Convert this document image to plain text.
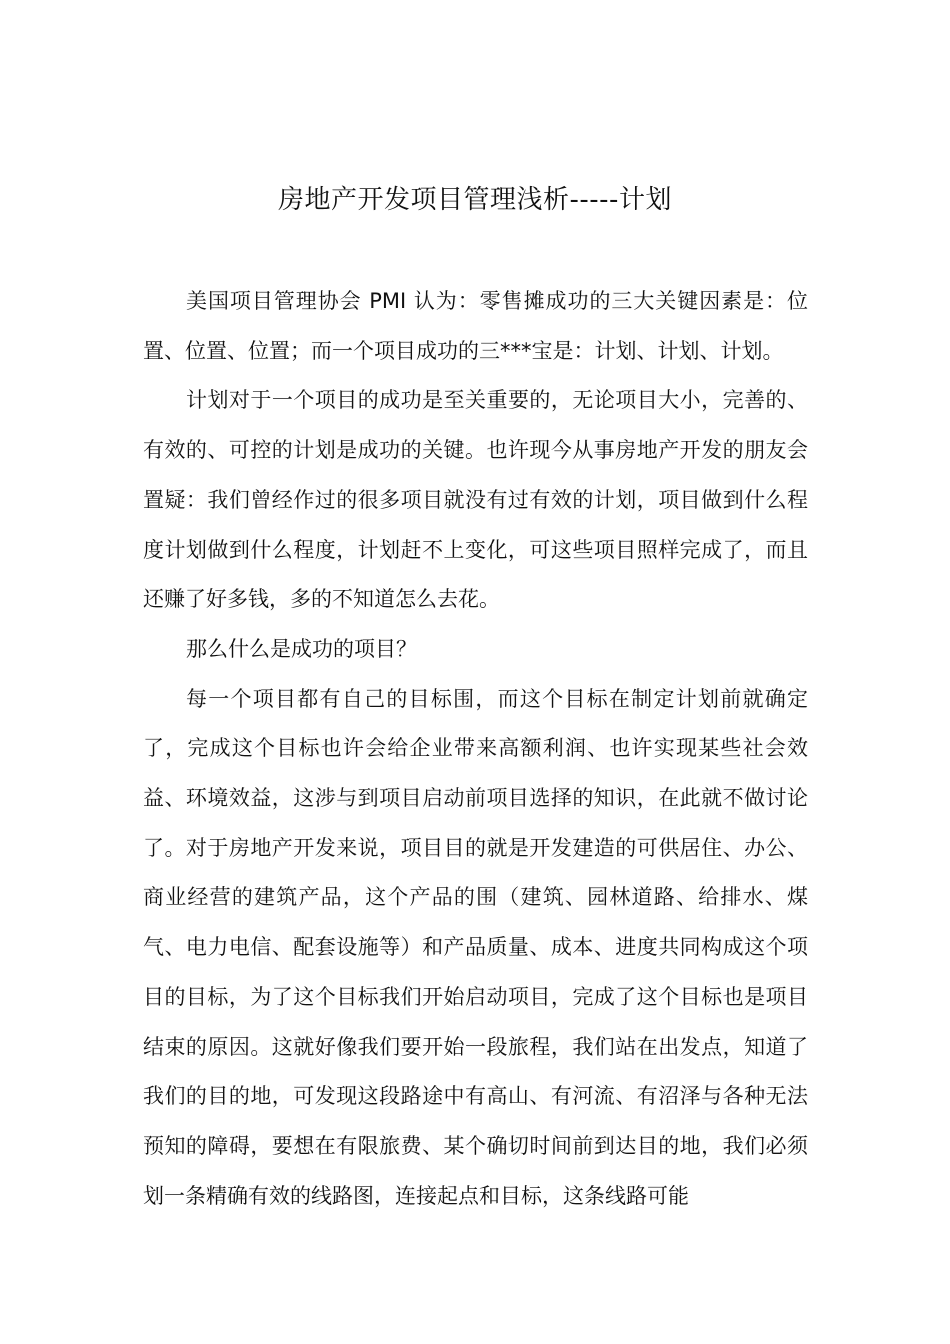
房地产开发项目管理浅析-----计划

美国项目管理协会 PMI 认为：零售摊成功的三大关键因素是：位置、位置、位置；而一个项目成功的三***宝是：计划、计划、计划。

计划对于一个项目的成功是至关重要的，无论项目大小，完善的、有效的、可控的计划是成功的关键。也许现今从事房地产开发的朋友会置疑：我们曾经作过的很多项目就没有过有效的计划，项目做到什么程度计划做到什么程度，计划赶不上变化，可这些项目照样完成了，而且还赚了好多钱，多的不知道怎么去花。

那么什么是成功的项目？

每一个项目都有自己的目标围，而这个目标在制定计划前就确定了，完成这个目标也许会给企业带来高额利润、也许实现某些社会效益、环境效益，这涉与到项目启动前项目选择的知识，在此就不做讨论了。对于房地产开发来说，项目目的就是开发建造的可供居住、办公、商业经营的建筑产品，这个产品的围（建筑、园林道路、给排水、煤气、电力电信、配套设施等）和产品质量、成本、进度共同构成这个项目的目标，为了这个目标我们开始启动项目，完成了这个目标也是项目结束的原因。这就好像我们要开始一段旅程，我们站在出发点，知道了我们的目的地，可发现这段路途中有高山、有河流、有沼泽与各种无法预知的障碍，要想在有限旅费、某个确切时间前到达目的地，我们必须划一条精确有效的线路图，连接起点和目标，这条线路可能
